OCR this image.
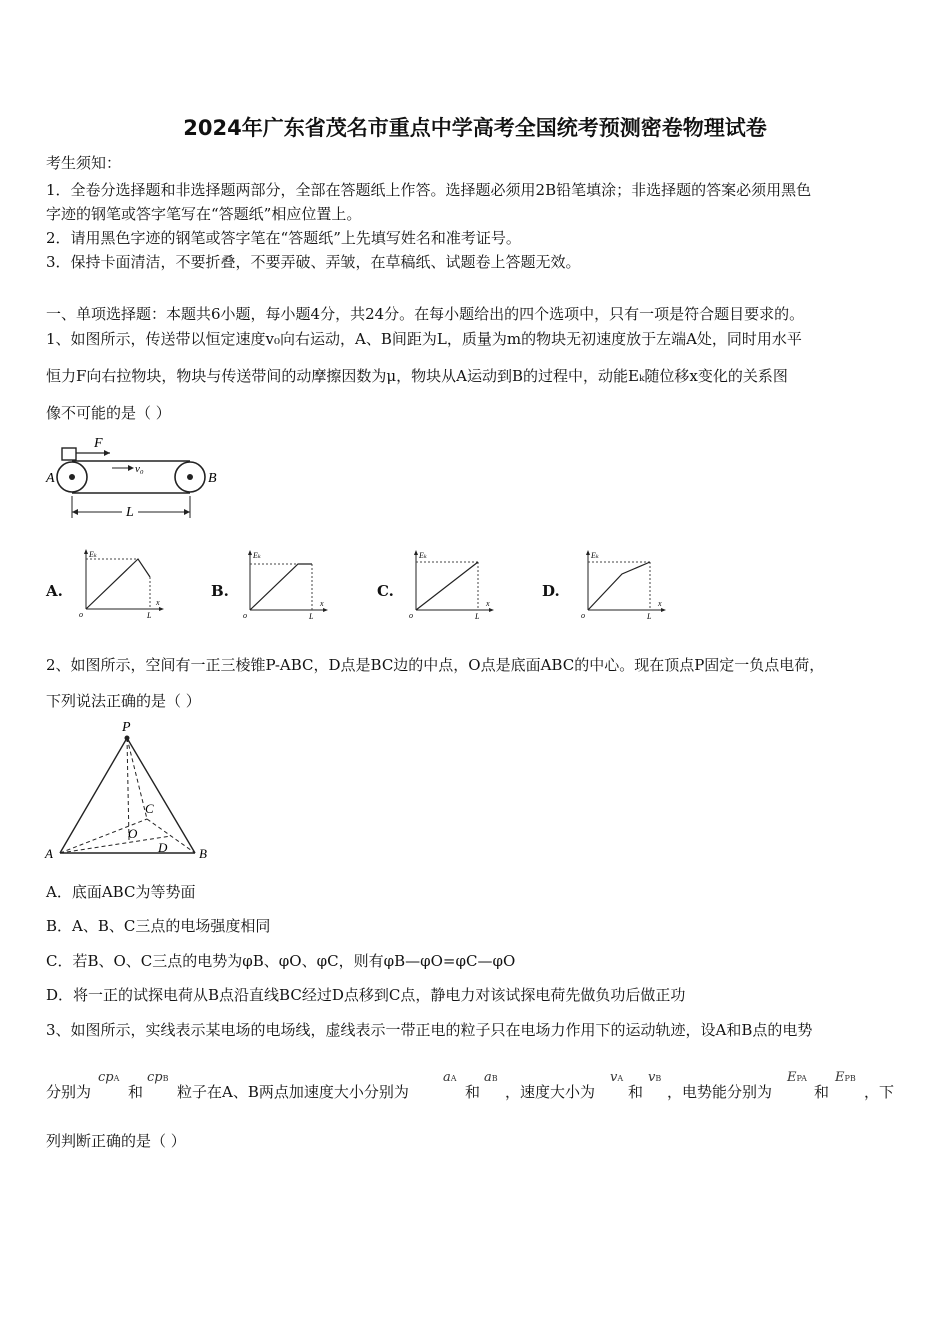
2024年广东省茂名市重点中学高考全国统考预测密卷物理试卷
考生须知：
1．全卷分选择题和非选择题两部分，全部在答题纸上作答。选择题必须用2B铅笔填涂；非选择题的答案必须用黑色
字迹的钢笔或答字笔写在“答题纸”相应位置上。
2．请用黑色字迹的钢笔或答字笔在“答题纸”上先填写姓名和准考证号。
3．保持卡面清洁，不要折叠，不要弄破、弄皱，在草稿纸、试题卷上答题无效。
一、单项选择题：本题共6小题，每小题4分，共24分。在每小题给出的四个选项中，只有一项是符合题目要求的。
1、如图所示，传送带以恒定速度v₀向右运动，A、B间距为L，质量为m的物块无初速度放于左端A处，同时用水平
恒力F向右拉物块，物块与传送带间的动摩擦因数为μ，物块从A运动到B的过程中，动能Eₖ随位移x变化的关系图
像不可能的是（ ）
F
v₀
A	B
L
A.
Eₖ
x
o	L
B.
Eₖ
x
o	L
C.
Eₖ
x
o	L
D.
Eₖ
x
o	L
2、如图所示，空间有一正三棱锥P-ABC，D点是BC边的中点，O点是底面ABC的中心。现在顶点P固定一负点电荷，
下列说法正确的是（ ）
P
C
O
D
A	B
A．底面ABC为等势面
B．A、B、C三点的电场强度相同
C．若B、O、C三点的电势为φB、φO、φC，则有φB—φO=φC—φO
D．将一正的试探电荷从B点沿直线BC经过D点移到C点，静电力对该试探电荷先做负功后做正功
3、如图所示，实线表示某电场的电场线，虚线表示一带正电的粒子只在电场力作用下的运动轨迹，设A和B点的电势
分别为
cpA
和
cpB
粒子在A、B两点加速度大小分别为
aA
和
aB
，速度大小为
vA
和
vB
，电势能分别为
EPA
和
EPB
，下
列判断正确的是（ ）
